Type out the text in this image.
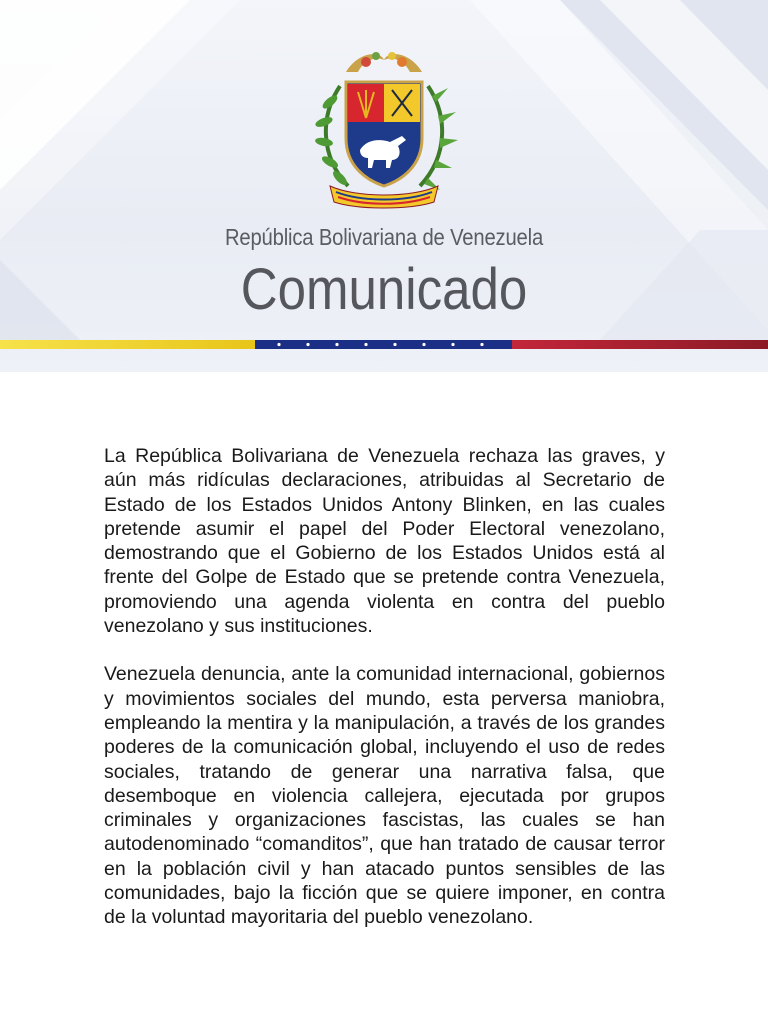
República Bolivariana de Venezuela
Comunicado

La República Bolivariana de Venezuela rechaza las graves, y aún más ridículas declaraciones, atribuidas al Secretario de Estado de los Estados Unidos Antony Blinken, en las cuales pretende asumir el papel del Poder Electoral venezolano, demostrando que el Gobierno de los Estados Unidos está al frente del Golpe de Estado que se pretende contra Venezuela, promoviendo una agenda violenta en contra del pueblo venezolano y sus instituciones.

Venezuela denuncia, ante la comunidad internacional, gobiernos y movimientos sociales del mundo, esta perversa maniobra, empleando la mentira y la manipulación, a través de los grandes poderes de la comunicación global, incluyendo el uso de redes sociales, tratando de generar una narrativa falsa, que desemboque en violencia callejera, ejecutada por grupos criminales y organizaciones fascistas, las cuales se han autodenominado “comanditos”, que han tratado de causar terror en la población civil y han atacado puntos sensibles de las comunidades, bajo la ficción que se quiere imponer, en contra de la voluntad mayoritaria del pueblo venezolano.
